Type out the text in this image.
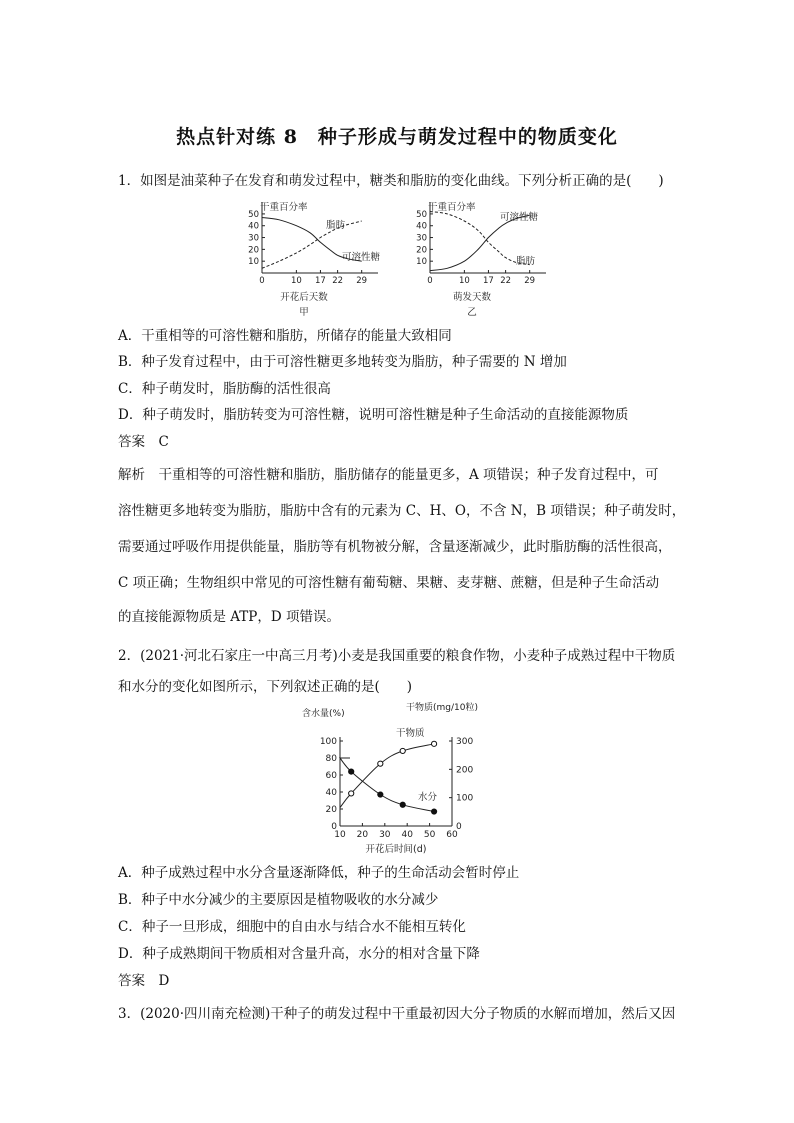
热点针对练 8　种子形成与萌发过程中的物质变化
1．如图是油菜种子在发育和萌发过程中，糖类和脂肪的变化曲线。下列分析正确的是(　　)
干重百分率
10
20
30
40
50
0	10 17 22 29
开花后天数
甲
脂肪
可溶性糖
干重百分率
10
20
30
40
50
0	10 17 22 29
萌发天数
乙
可溶性糖
脂肪
A．干重相等的可溶性糖和脂肪，所储存的能量大致相同
B．种子发育过程中，由于可溶性糖更多地转变为脂肪，种子需要的 N 增加
C．种子萌发时，脂肪酶的活性很高
D．种子萌发时，脂肪转变为可溶性糖，说明可溶性糖是种子生命活动的直接能源物质
答案　C
解析　干重相等的可溶性糖和脂肪，脂肪储存的能量更多，A 项错误；种子发育过程中，可
溶性糖更多地转变为脂肪，脂肪中含有的元素为 C、H、O，不含 N，B 项错误；种子萌发时，
需要通过呼吸作用提供能量，脂肪等有机物被分解，含量逐渐减少，此时脂肪酶的活性很高，
C 项正确；生物组织中常见的可溶性糖有葡萄糖、果糖、麦芽糖、蔗糖，但是种子生命活动
的直接能源物质是 ATP，D 项错误。
2．(2021·河北石家庄一中高三月考)小麦是我国重要的粮食作物，小麦种子成熟过程中干物质
和水分的变化如图所示，下列叙述正确的是(　　)
含水量(%)
干物质(mg/10粒)
0
20
40
60
80
100
0
100
200
300
10 20 30 40 50 60
开花后时间(d)
干物质
水分
A．种子成熟过程中水分含量逐渐降低，种子的生命活动会暂时停止
B．种子中水分减少的主要原因是植物吸收的水分减少
C．种子一旦形成，细胞中的自由水与结合水不能相互转化
D．种子成熟期间干物质相对含量升高，水分的相对含量下降
答案　D
3．(2020·四川南充检测)干种子的萌发过程中干重最初因大分子物质的水解而增加，然后又因
